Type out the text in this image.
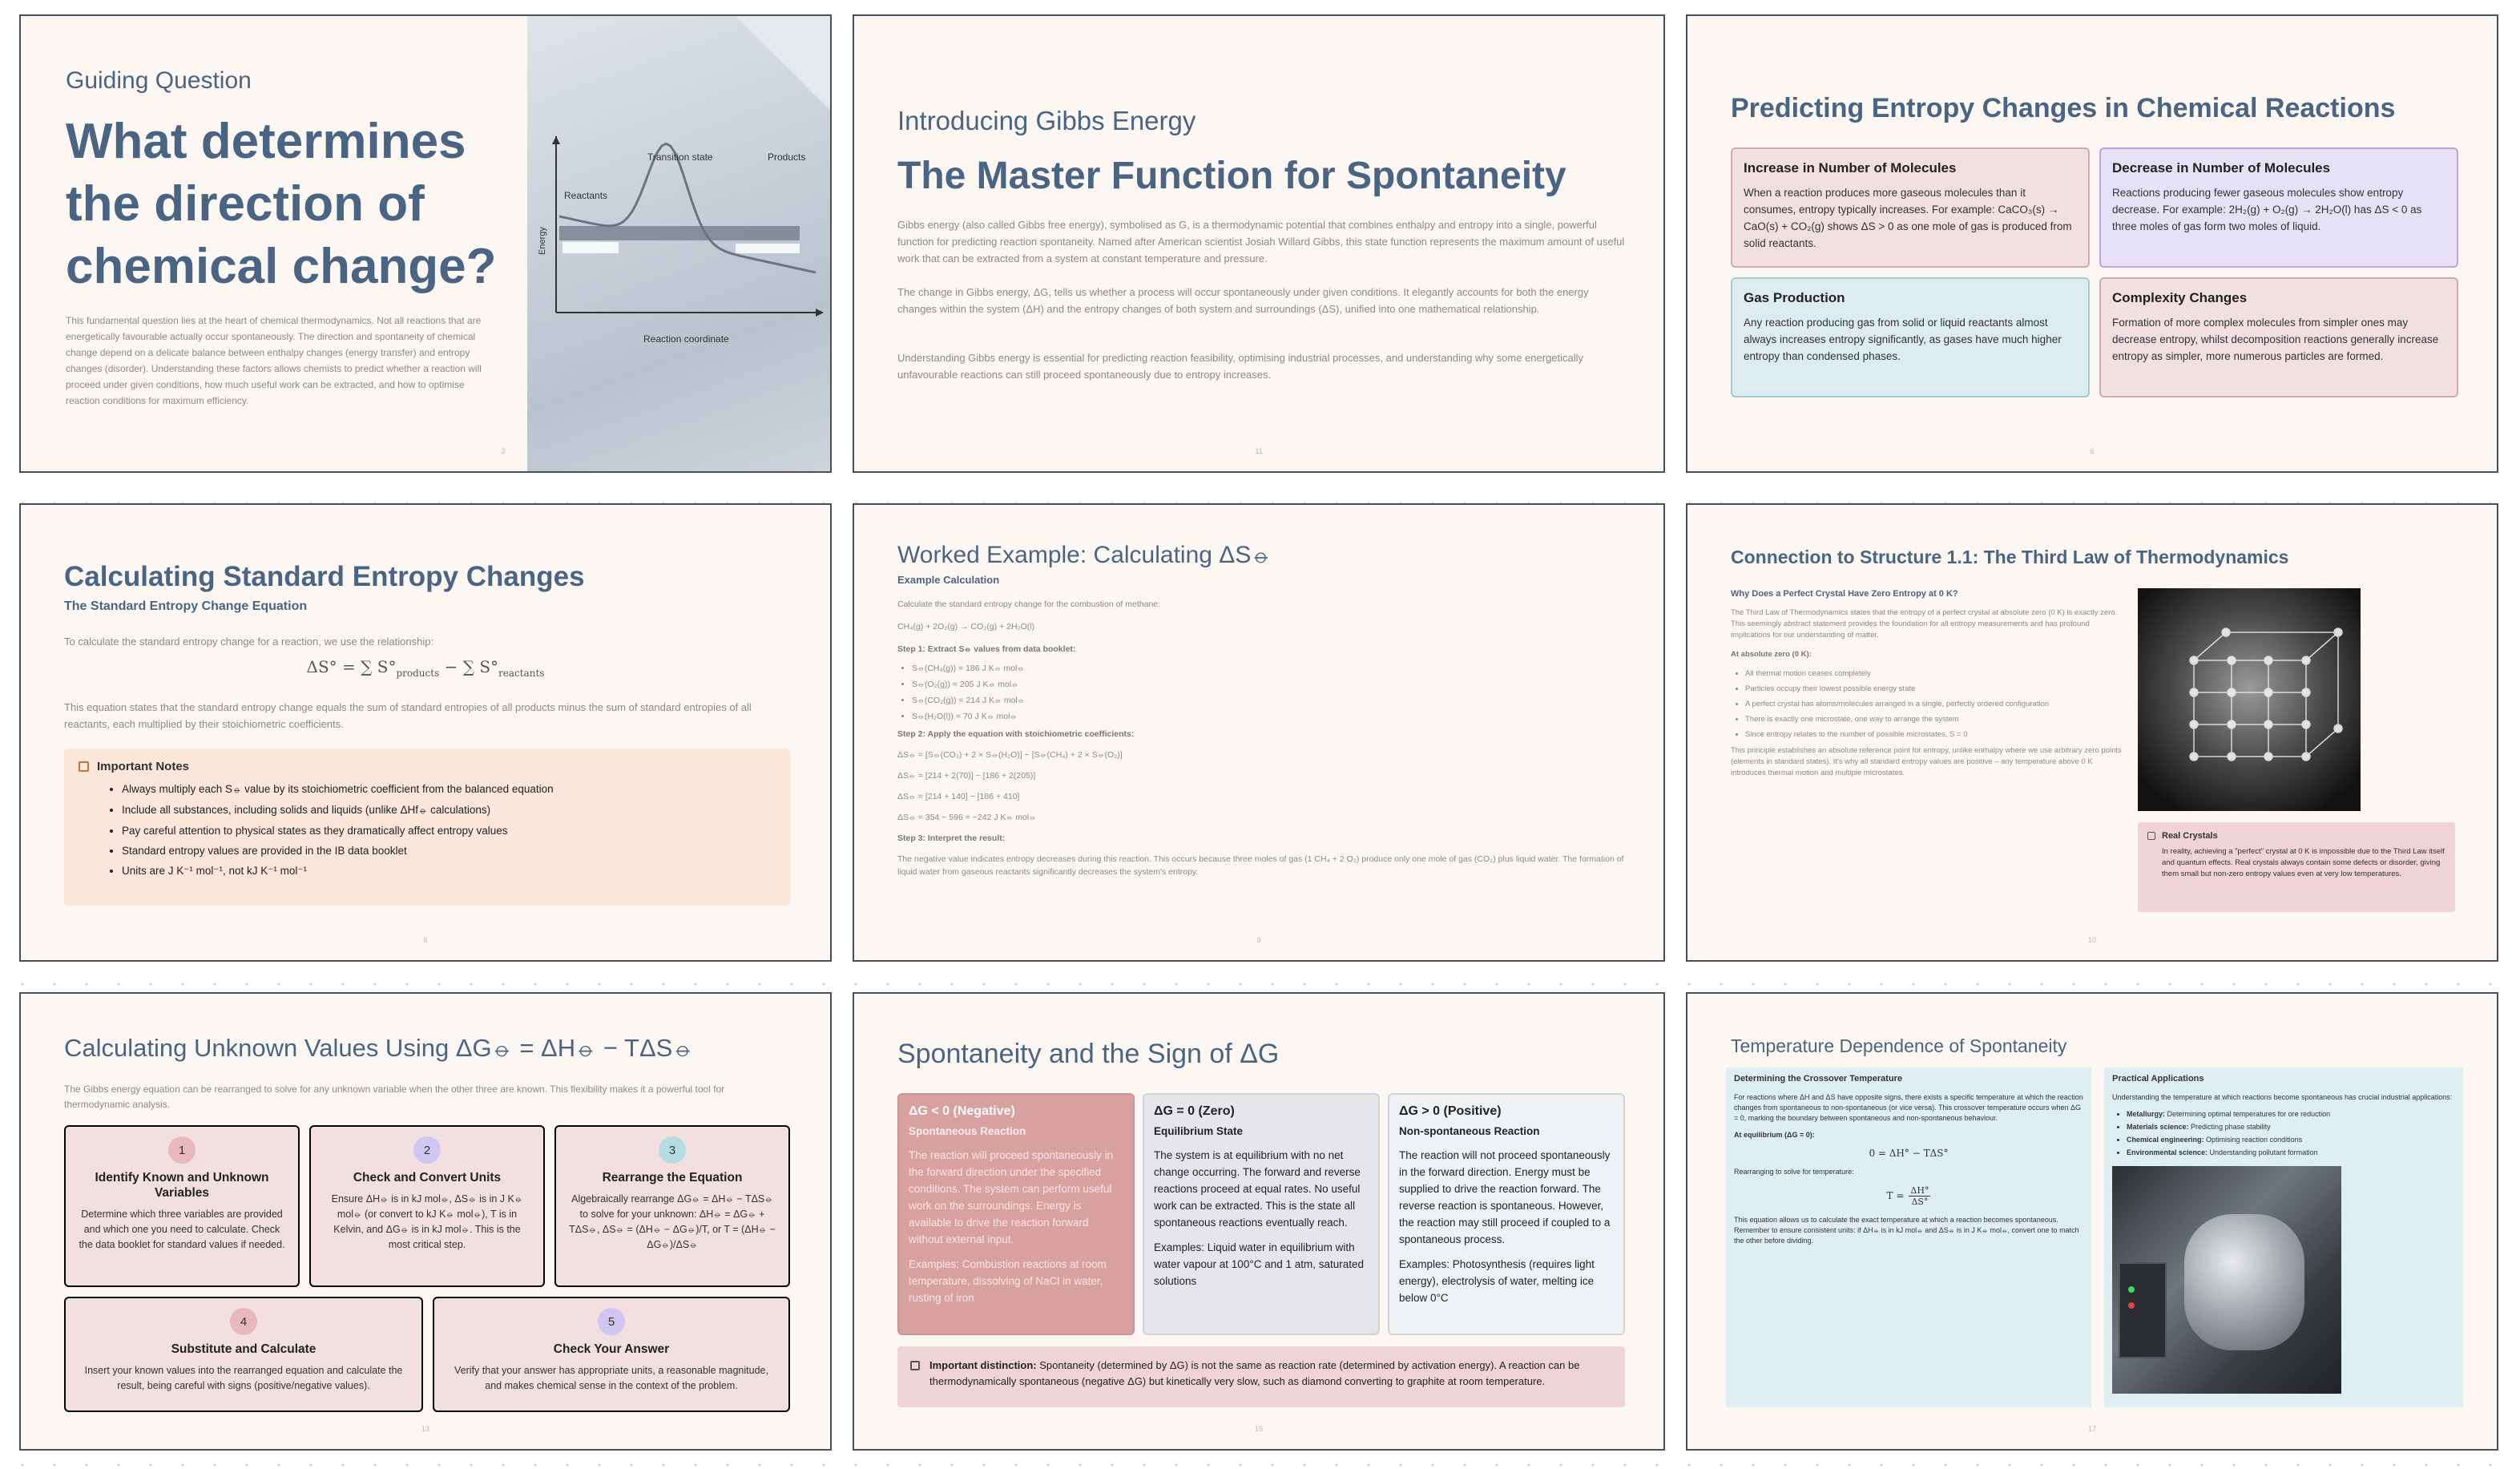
Guiding Question
What determines the direction of chemical change?
This fundamental question lies at the heart of chemical thermodynamics. Not all reactions that are energetically favourable actually occur spontaneously. The direction and spontaneity of chemical change depend on a delicate balance between enthalpy changes (energy transfer) and entropy changes (disorder). Understanding these factors allows chemists to predict whether a reaction will proceed under given conditions, how much useful work can be extracted, and how to optimise reaction conditions for maximum efficiency.
Transition state	Products
Reactants
Reaction coordinate
Energy
2
Introducing Gibbs Energy
The Master Function for Spontaneity
Gibbs energy (also called Gibbs free energy), symbolised as G, is a thermodynamic potential that combines enthalpy and entropy into a single, powerful function for predicting reaction spontaneity. Named after American scientist Josiah Willard Gibbs, this state function represents the maximum amount of useful work that can be extracted from a system at constant temperature and pressure.
The change in Gibbs energy, ΔG, tells us whether a process will occur spontaneously under given conditions. It elegantly accounts for both the energy changes within the system (ΔH) and the entropy changes of both system and surroundings (ΔS), unified into one mathematical relationship.
Understanding Gibbs energy is essential for predicting reaction feasibility, optimising industrial processes, and understanding why some energetically unfavourable reactions can still proceed spontaneously due to entropy increases.
11
Predicting Entropy Changes in Chemical Reactions
Increase in Number of Molecules

When a reaction produces more gaseous molecules than it consumes, entropy typically increases. For example: CaCO₃(s) → CaO(s) + CO₂(g) shows ΔS > 0 as one mole of gas is produced from solid reactants.

Decrease in Number of Molecules

Reactions producing fewer gaseous molecules show entropy decrease. For example: 2H₂(g) + O₂(g) → 2H₂O(l) has ΔS < 0 as three moles of gas form two moles of liquid.

Gas Production

Any reaction producing gas from solid or liquid reactants almost always increases entropy significantly, as gases have much higher entropy than condensed phases.

Complexity Changes

Formation of more complex molecules from simpler ones may decrease entropy, whilst decomposition reactions generally increase entropy as simpler, more numerous particles are formed.

6
Calculating Standard Entropy Changes
The Standard Entropy Change Equation
To calculate the standard entropy change for a reaction, we use the relationship:
ΔS° = ∑ $S^\circ_{products}$ − ∑ $S^\circ_{reactants}$
This equation states that the standard entropy change equals the sum of standard entropies of all products minus the sum of standard entropies of all reactants, each multiplied by their stoichiometric coefficients.
Important Notes
• Always multiply each S⦵ value by its stoichiometric coefficient from the balanced equation
• Include all substances, including solids and liquids (unlike ΔHf⦵ calculations)
• Pay careful attention to physical states as they dramatically affect entropy values
• Standard entropy values are provided in the IB data booklet
• Units are J K⁻¹ mol⁻¹, not kJ K⁻¹ mol⁻¹
8
Worked Example: Calculating ΔS⦵
Example Calculation
Calculate the standard entropy change for the combustion of methane:
CH₄(g) + 2O₂(g) → CO₂(g) + 2H₂O(l)
Step 1: Extract S⦵ values from data booklet:
• S⦵(CH₄(g)) = 186 J K⦵ mol⦵
• S⦵(O₂(g)) = 205 J K⦵ mol⦵
• S⦵(CO₂(g)) = 214 J K⦵ mol⦵
• S⦵(H₂O(l)) = 70 J K⦵ mol⦵
Step 2: Apply the equation with stoichiometric coefficients:
ΔS⦵ = [S⦵(CO₂) + 2 × S⦵(H₂O)] − [S⦵(CH₄) + 2 × S⦵(O₂)]
ΔS⦵ = [214 + 2(70)] − [186 + 2(205)]
ΔS⦵ = [214 + 140] − [186 + 410]
ΔS⦵ = 354 − 596 = −242 J K⦵ mol⦵
Step 3: Interpret the result:
The negative value indicates entropy decreases during this reaction. This occurs because three moles of gas (1 CH₄ + 2 O₂) produce only one mole of gas (CO₂) plus liquid water. The formation of liquid water from gaseous reactants significantly decreases the system's entropy.
9
Connection to Structure 1.1: The Third Law of Thermodynamics
Why Does a Perfect Crystal Have Zero Entropy at 0 K?
The Third Law of Thermodynamics states that the entropy of a perfect crystal at absolute zero (0 K) is exactly zero. This seemingly abstract statement provides the foundation for all entropy measurements and has profound implications for our understanding of matter.
At absolute zero (0 K):
• All thermal motion ceases completely
• Particles occupy their lowest possible energy state
• A perfect crystal has atoms/molecules arranged in a single, perfectly ordered configuration
• There is exactly one microstate, one way to arrange the system
• Since entropy relates to the number of possible microstates, S = 0
This principle establishes an absolute reference point for entropy, unlike enthalpy where we use arbitrary zero points (elements in standard states). It's why all standard entropy values are positive – any temperature above 0 K introduces thermal motion and multiple microstates.
Real Crystals
In reality, achieving a "perfect" crystal at 0 K is impossible due to the Third Law itself and quantum effects. Real crystals always contain some defects or disorder, giving them small but non-zero entropy values even at very low temperatures.
10
Calculating Unknown Values Using ΔG⦵ = ΔH⦵ − TΔS⦵
The Gibbs energy equation can be rearranged to solve for any unknown variable when the other three are known. This flexibility makes it a powerful tool for thermodynamic analysis.
1
Identify Known and Unknown Variables

Determine which three variables are provided and which one you need to calculate. Check the data booklet for standard values if needed.

2
Check and Convert Units

Ensure ΔH⦵ is in kJ mol⦵, ΔS⦵ is in J K⦵ mol⦵ (or convert to kJ K⦵ mol⦵), T is in Kelvin, and ΔG⦵ is in kJ mol⦵. This is the most critical step.

3
Rearrange the Equation

Algebraically rearrange ΔG⦵ = ΔH⦵ − TΔS⦵ to solve for your unknown: ΔH⦵ = ΔG⦵ + TΔS⦵, ΔS⦵ = (ΔH⦵ − ΔG⦵)/T, or T = (ΔH⦵ − ΔG⦵)/ΔS⦵

4
Substitute and Calculate

Insert your known values into the rearranged equation and calculate the result, being careful with signs (positive/negative values).

5
Check Your Answer

Verify that your answer has appropriate units, a reasonable magnitude, and makes chemical sense in the context of the problem.

13
Spontaneity and the Sign of ΔG
ΔG < 0 (Negative)
Spontaneous Reaction

The reaction will proceed spontaneously in the forward direction under the specified conditions. The system can perform useful work on the surroundings. Energy is available to drive the reaction forward without external input.

Examples: Combustion reactions at room temperature, dissolving of NaCl in water, rusting of iron

ΔG = 0 (Zero)
Equilibrium State

The system is at equilibrium with no net change occurring. The forward and reverse reactions proceed at equal rates. No useful work can be extracted. This is the state all spontaneous reactions eventually reach.

Examples: Liquid water in equilibrium with water vapour at 100°C and 1 atm, saturated solutions

ΔG > 0 (Positive)
Non-spontaneous Reaction

The reaction will not proceed spontaneously in the forward direction. Energy must be supplied to drive the reaction forward. The reverse reaction is spontaneous. However, the reaction may still proceed if coupled to a spontaneous process.

Examples: Photosynthesis (requires light energy), electrolysis of water, melting ice below 0°C

Important distinction: Spontaneity (determined by ΔG) is not the same as reaction rate (determined by activation energy). A reaction can be thermodynamically spontaneous (negative ΔG) but kinetically very slow, such as diamond converting to graphite at room temperature.
15
Temperature Dependence of Spontaneity
Determining the Crossover Temperature
For reactions where ΔH and ΔS have opposite signs, there exists a specific temperature at which the reaction changes from spontaneous to non-spontaneous (or vice versa). This crossover temperature occurs when ΔG = 0, marking the boundary between spontaneous and non-spontaneous behaviour.
At equilibrium (ΔG = 0):
0 = ΔH° − TΔS°
Rearranging to solve for temperature:
$T = \frac{\Delta H^\circ}{\Delta S^\circ}$
This equation allows us to calculate the exact temperature at which a reaction becomes spontaneous. Remember to ensure consistent units: if ΔH⦵ is in kJ mol⦵ and ΔS⦵ is in J K⦵ mol⦵, convert one to match the other before dividing.
Practical Applications
Understanding the temperature at which reactions become spontaneous has crucial industrial applications:
• Metallurgy: Determining optimal temperatures for ore reduction
• Materials science: Predicting phase stability
• Chemical engineering: Optimising reaction conditions
• Environmental science: Understanding pollutant formation
17
